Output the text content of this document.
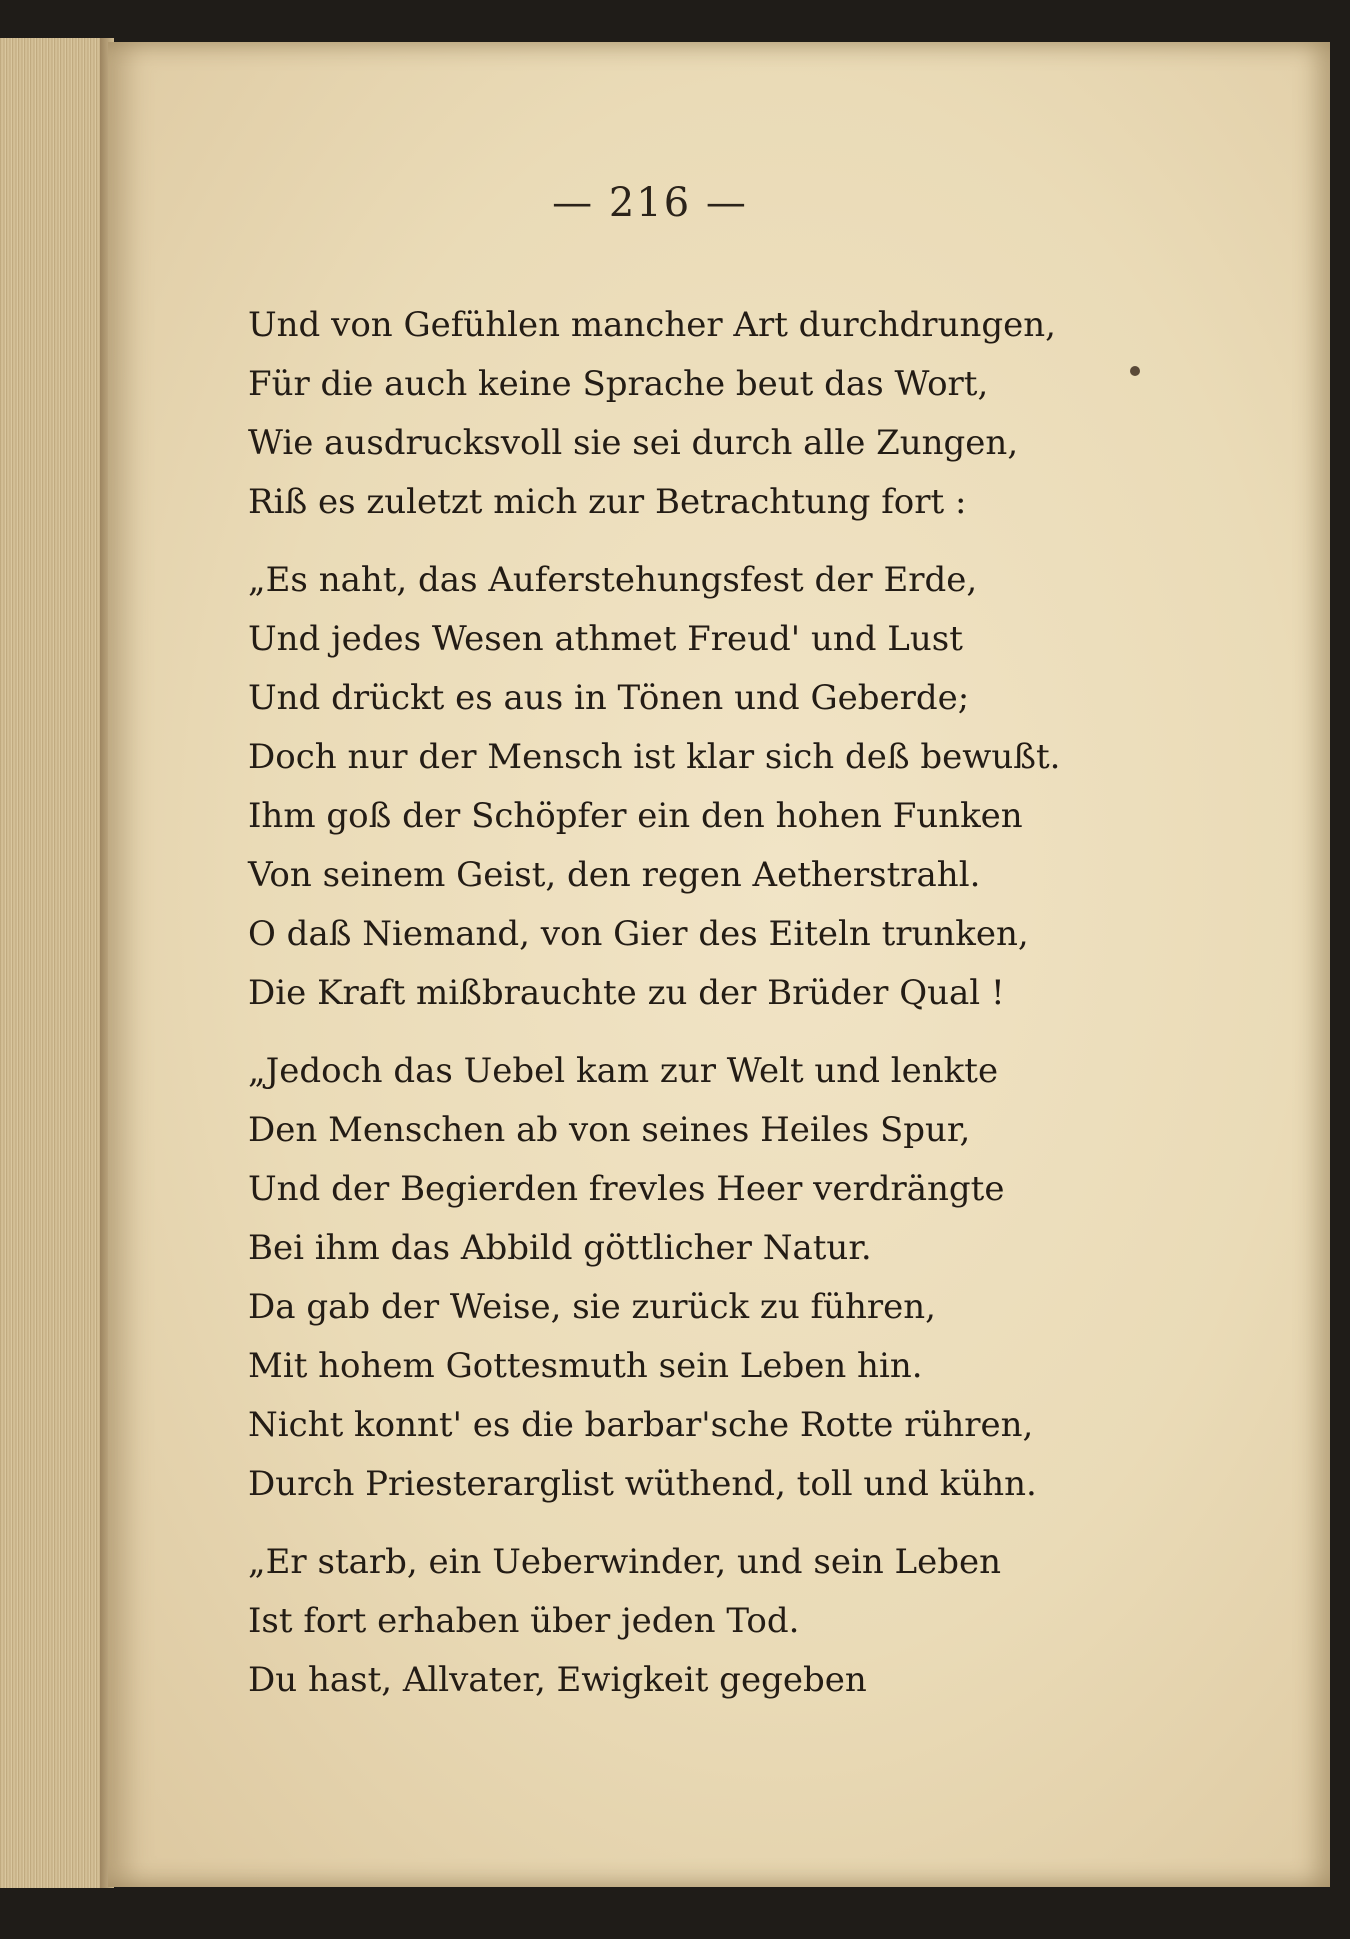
— 216 —
Und von Gefühlen mancher Art durchdrungen,
Für die auch keine Sprache beut das Wort,
Wie ausdrucksvoll sie sei durch alle Zungen,
Riß es zuletzt mich zur Betrachtung fort :
„Es naht, das Auferstehungsfest der Erde,
Und jedes Wesen athmet Freud' und Lust
Und drückt es aus in Tönen und Geberde;
Doch nur der Mensch ist klar sich deß bewußt.
Ihm goß der Schöpfer ein den hohen Funken
Von seinem Geist, den regen Aetherstrahl.
O daß Niemand, von Gier des Eiteln trunken,
Die Kraft mißbrauchte zu der Brüder Qual !
„Jedoch das Uebel kam zur Welt und lenkte
Den Menschen ab von seines Heiles Spur,
Und der Begierden frevles Heer verdrängte
Bei ihm das Abbild göttlicher Natur.
Da gab der Weise, sie zurück zu führen,
Mit hohem Gottesmuth sein Leben hin.
Nicht konnt' es die barbar'sche Rotte rühren,
Durch Priesterarglist wüthend, toll und kühn.
„Er starb, ein Ueberwinder, und sein Leben
Ist fort erhaben über jeden Tod.
Du hast, Allvater, Ewigkeit gegeben
